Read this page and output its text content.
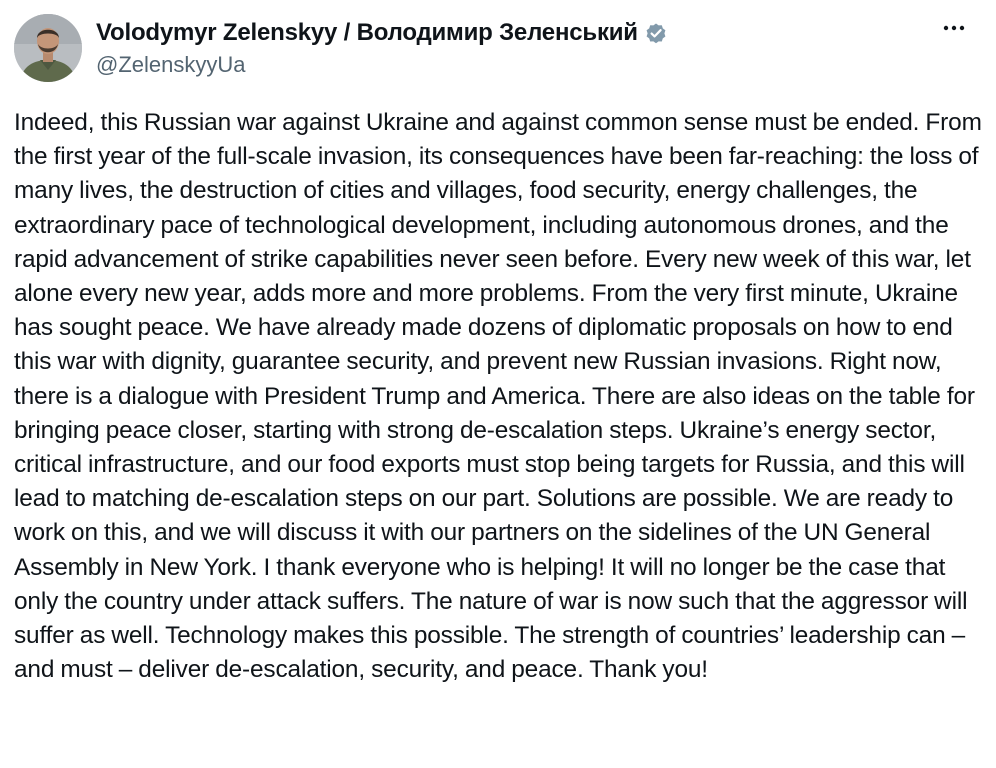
Volodymyr Zelenskyy / Володимир Зеленський
@ZelenskyyUa
Indeed, this Russian war against Ukraine and against common sense must be ended. From the first year of the full-scale invasion, its consequences have been far-reaching: the loss of many lives, the destruction of cities and villages, food security, energy challenges, the extraordinary pace of technological development, including autonomous drones, and the rapid advancement of strike capabilities never seen before. Every new week of this war, let alone every new year, adds more and more problems. From the very first minute, Ukraine has sought peace. We have already made dozens of diplomatic proposals on how to end this war with dignity, guarantee security, and prevent new Russian invasions. Right now, there is a dialogue with President Trump and America. There are also ideas on the table for bringing peace closer, starting with strong de-escalation steps. Ukraine’s energy sector, critical infrastructure, and our food exports must stop being targets for Russia, and this will lead to matching de-escalation steps on our part. Solutions are possible. We are ready to work on this, and we will discuss it with our partners on the sidelines of the UN General Assembly in New York. I thank everyone who is helping! It will no longer be the case that only the country under attack suffers. The nature of war is now such that the aggressor will suffer as well. Technology makes this possible. The strength of countries’ leadership can – and must – deliver de-escalation, security, and peace. Thank you!
